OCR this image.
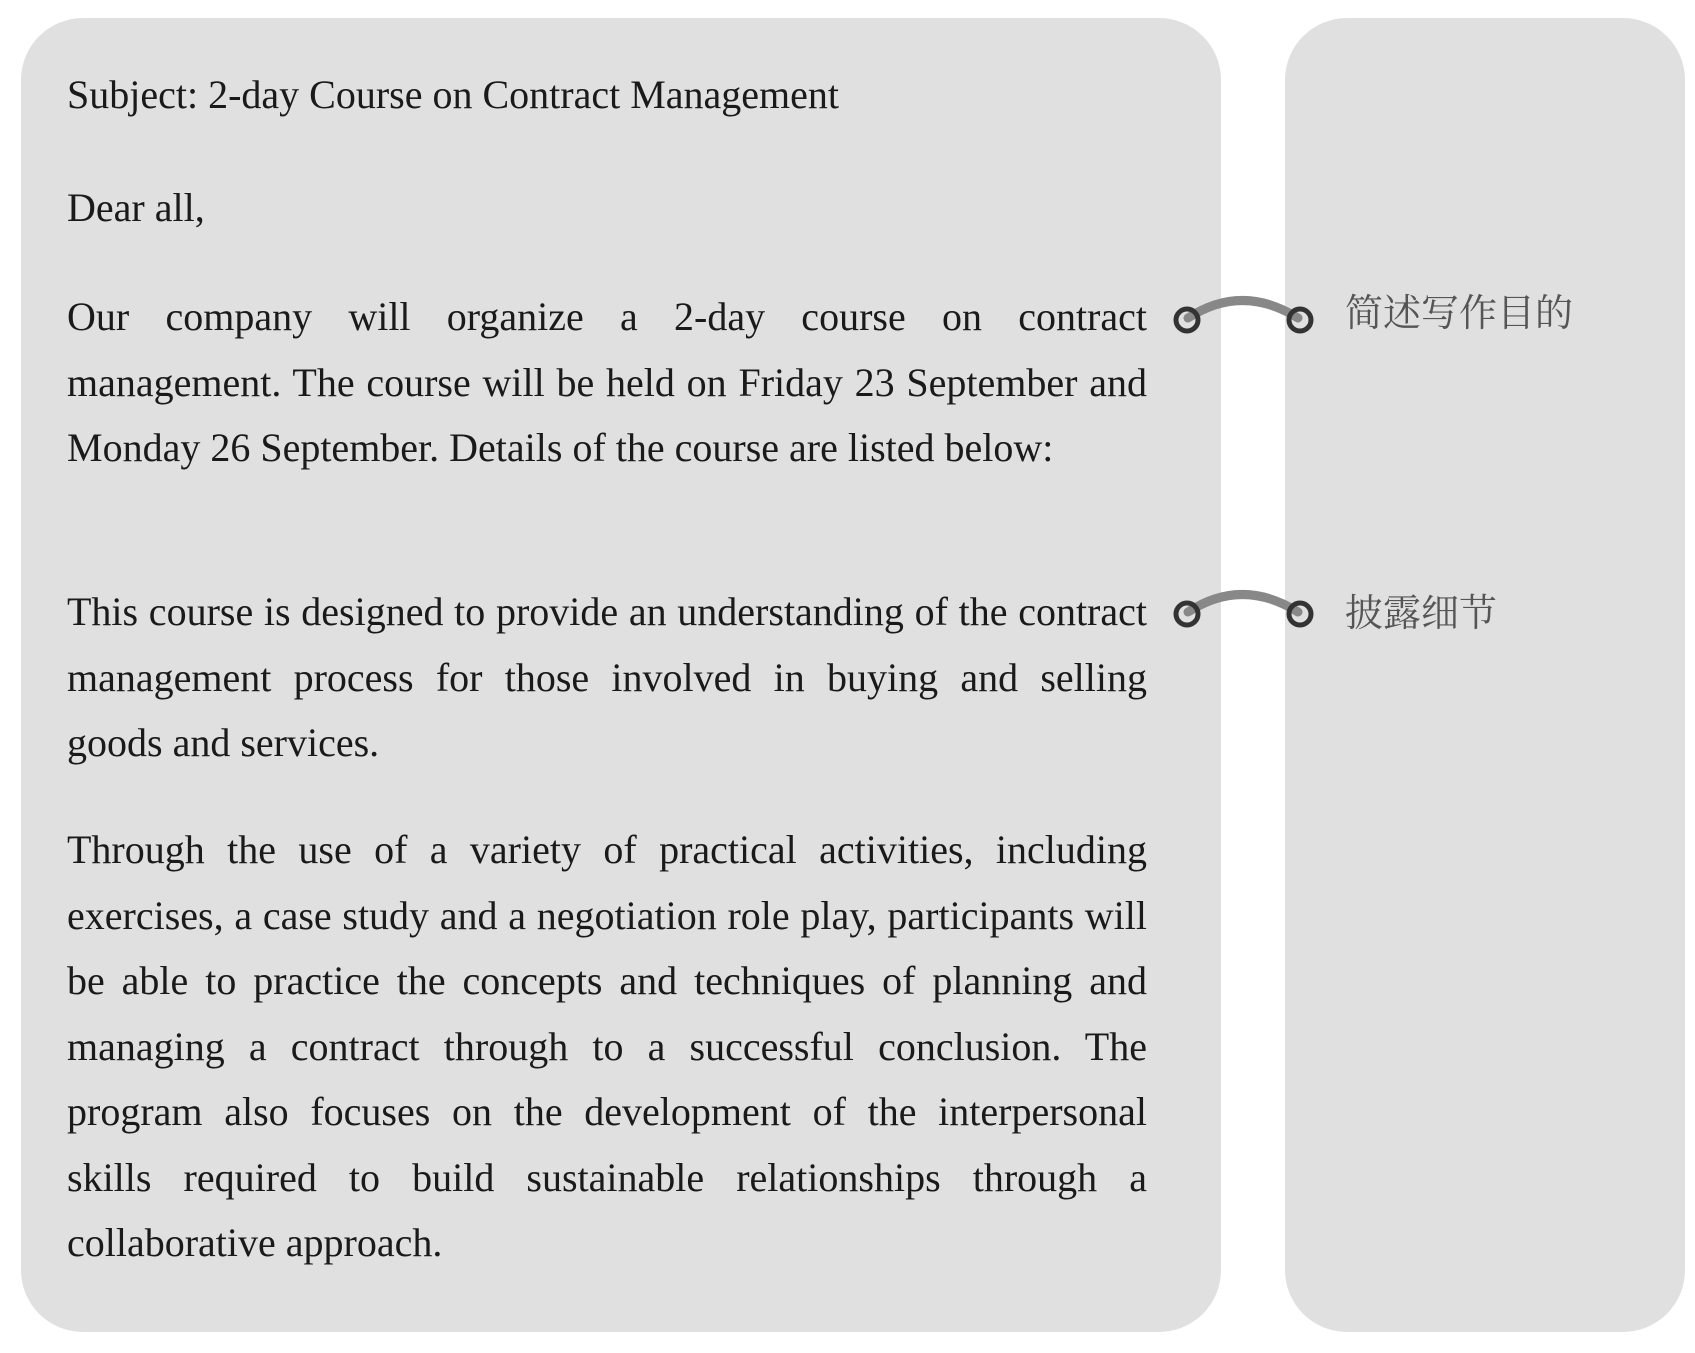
Subject: 2-day Course on Contract Management

Dear all,

Our company will organize a 2-day course on contract management. The course will be held on Friday 23 September and Monday 26 September. Details of the course are listed below:

This course is designed to provide an understanding of the contract management process for those involved in buying and selling goods and services.

Through the use of a variety of practical activities, including exercises, a case study and a negotiation role play, participants will be able to practice the concepts and techniques of planning and managing a contract through to a successful conclusion. The program also focuses on the development of the interpersonal skills required to build sustainable relationships through a collaborative approach.

简述写作目的
披露细节
